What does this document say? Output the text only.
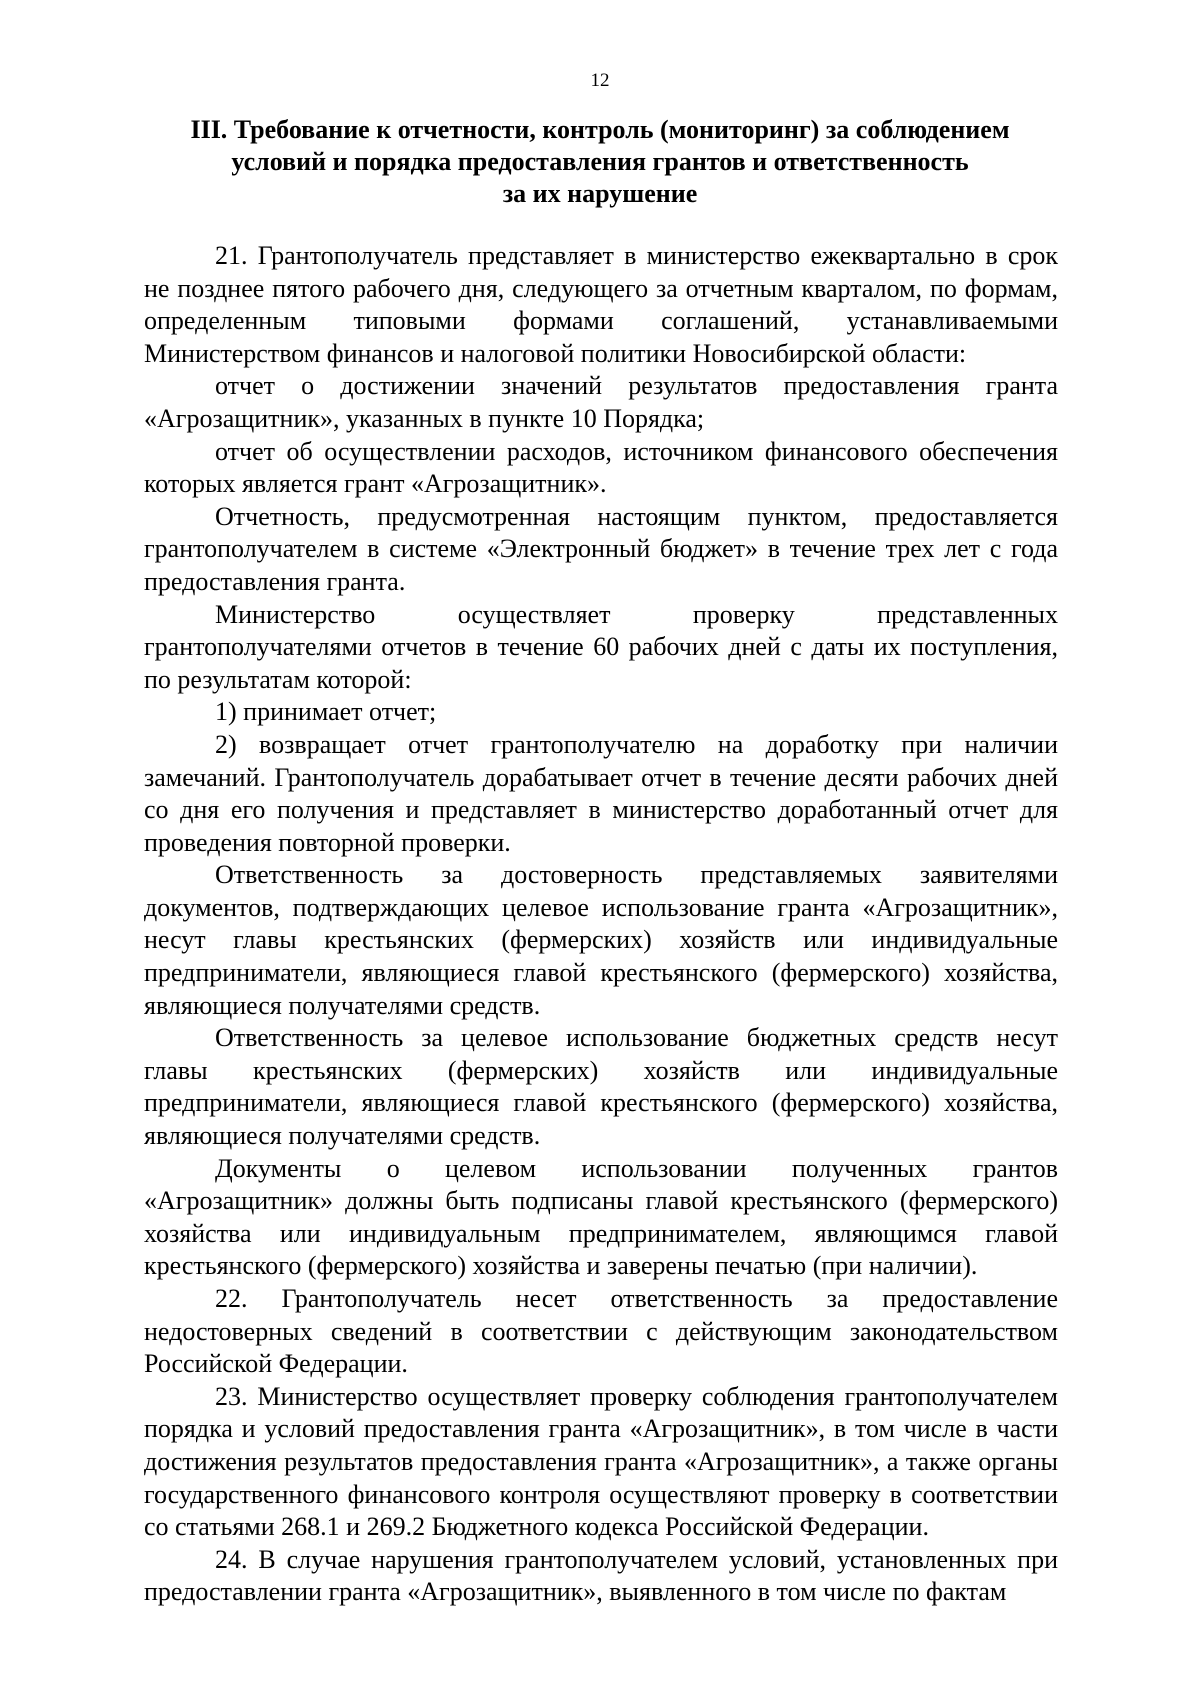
12
III. Требование к отчетности, контроль (мониторинг) за соблюдением
условий и порядка предоставления грантов и ответственность
за их нарушение

21. Грантополучатель представляет в министерство ежеквартально в срок не позднее пятого рабочего дня, следующего за отчетным кварталом, по формам, определенным типовыми формами соглашений, устанавливаемыми Министерством финансов и налоговой политики Новосибирской области:

отчет о достижении значений результатов предоставления гранта «Агрозащитник», указанных в пункте 10 Порядка;

отчет об осуществлении расходов, источником финансового обеспечения которых является грант «Агрозащитник».

Отчетность, предусмотренная настоящим пунктом, предоставляется грантополучателем в системе «Электронный бюджет» в течение трех лет с года предоставления гранта.

Министерство осуществляет проверку представленных грантополучателями отчетов в течение 60 рабочих дней с даты их поступления, по результатам которой:

1) принимает отчет;

2) возвращает отчет грантополучателю на доработку при наличии замечаний. Грантополучатель дорабатывает отчет в течение десяти рабочих дней со дня его получения и представляет в министерство доработанный отчет для проведения повторной проверки.

Ответственность за достоверность представляемых заявителями документов, подтверждающих целевое использование гранта «Агрозащитник», несут главы крестьянских (фермерских) хозяйств или индивидуальные предприниматели, являющиеся главой крестьянского (фермерского) хозяйства, являющиеся получателями средств.

Ответственность за целевое использование бюджетных средств несут главы крестьянских (фермерских) хозяйств или индивидуальные предприниматели, являющиеся главой крестьянского (фермерского) хозяйства, являющиеся получателями средств.

Документы о целевом использовании полученных грантов «Агрозащитник» должны быть подписаны главой крестьянского (фермерского) хозяйства или индивидуальным предпринимателем, являющимся главой крестьянского (фермерского) хозяйства и заверены печатью (при наличии).

22. Грантополучатель несет ответственность за предоставление недостоверных сведений в соответствии с действующим законодательством Российской Федерации.

23. Министерство осуществляет проверку соблюдения грантополучателем порядка и условий предоставления гранта «Агрозащитник», в том числе в части достижения результатов предоставления гранта «Агрозащитник», а также органы государственного финансового контроля осуществляют проверку в соответствии со статьями 268.1 и 269.2 Бюджетного кодекса Российской Федерации.

24. В случае нарушения грантополучателем условий, установленных при предоставлении гранта «Агрозащитник», выявленного в том числе по фактам
